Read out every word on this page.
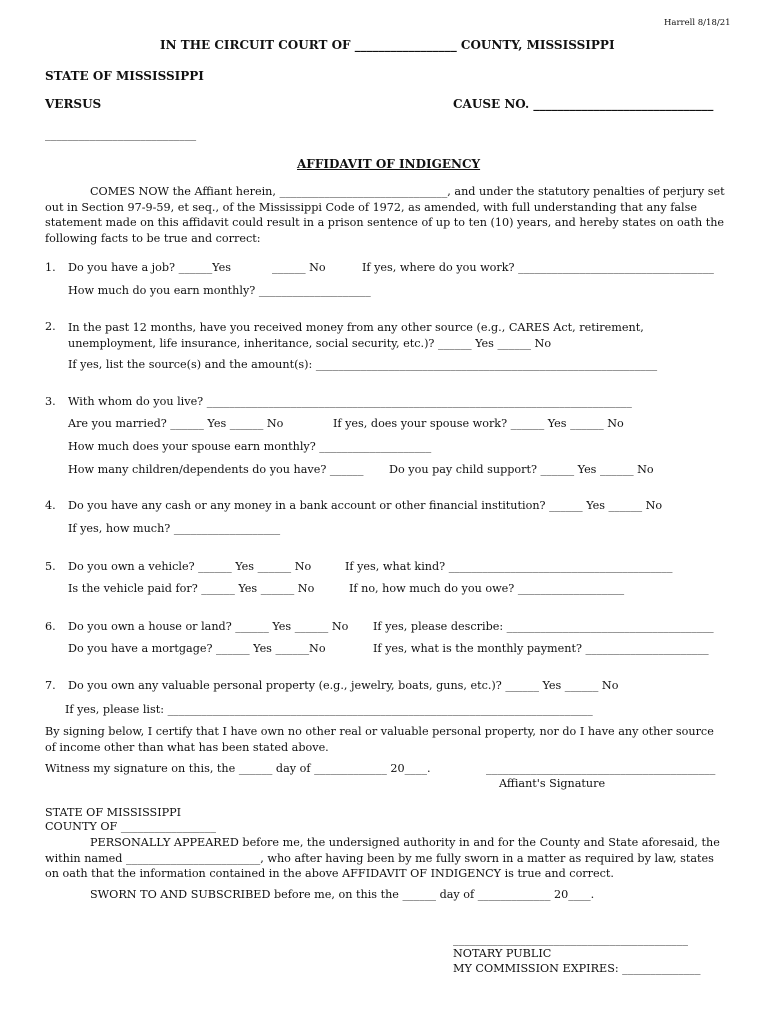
Harrell 8/18/21
IN THE CIRCUIT COURT OF _________________ COUNTY, MISSISSIPPI
STATE OF MISSISSIPPI
VERSUS	CAUSE NO. ______________________________
___________________________
AFFIDAVIT OF INDIGENCY
COMES NOW the Affiant herein, ______________________________, and under the statutory penalties of perjury set out in Section 97-9-59, et seq., of the Mississippi Code of 1972, as amended, with full understanding that any false statement made on this affidavit could result in a prison sentence of up to ten (10) years, and hereby states on oath the following facts to be true and correct:
1. Do you have a job? ______Yes	______ No	If yes, where do you work? ___________________________________
How much do you earn monthly? ____________________
2. In the past 12 months, have you received money from any other source (e.g., CARES Act, retirement, unemployment, life insurance, inheritance, social security, etc.)? ______ Yes ______ No
If yes, list the source(s) and the amount(s): _____________________________________________________________
3. With whom do you live? ____________________________________________________________________________
Are you married? ______ Yes ______ No	If yes, does your spouse work? ______ Yes ______ No
How much does your spouse earn monthly? ____________________
How many children/dependents do you have? ______ Do you pay child support? ______ Yes ______ No
4. Do you have any cash or any money in a bank account or other financial institution? ______ Yes ______ No
If yes, how much? ___________________
5. Do you own a vehicle? ______ Yes ______ No	If yes, what kind? ________________________________________
Is the vehicle paid for? ______ Yes ______ No	If no, how much do you owe? ___________________
6. Do you own a house or land? ______ Yes ______ No If yes, please describe: _____________________________________
Do you have a mortgage? ______ Yes ______No	If yes, what is the monthly payment? ______________________
7. Do you own any valuable personal property (e.g., jewelry, boats, guns, etc.)? ______ Yes ______ No
If yes, please list: ____________________________________________________________________________
By signing below, I certify that I have own no other real or valuable personal property, nor do I have any other source of income other than what has been stated above.
Witness my signature on this, the ______ day of _____________ 20____.	_________________________________________
Affiant's Signature
STATE OF MISSISSIPPI
COUNTY OF _________________
PERSONALLY APPEARED before me, the undersigned authority in and for the County and State aforesaid, the within named ________________________, who after having been by me fully sworn in a matter as required by law, states on oath that the information contained in the above AFFIDAVIT OF INDIGENCY is true and correct.
SWORN TO AND SUBSCRIBED before me, on this the ______ day of _____________ 20____.
__________________________________________
NOTARY PUBLIC
MY COMMISSION EXPIRES: ______________
